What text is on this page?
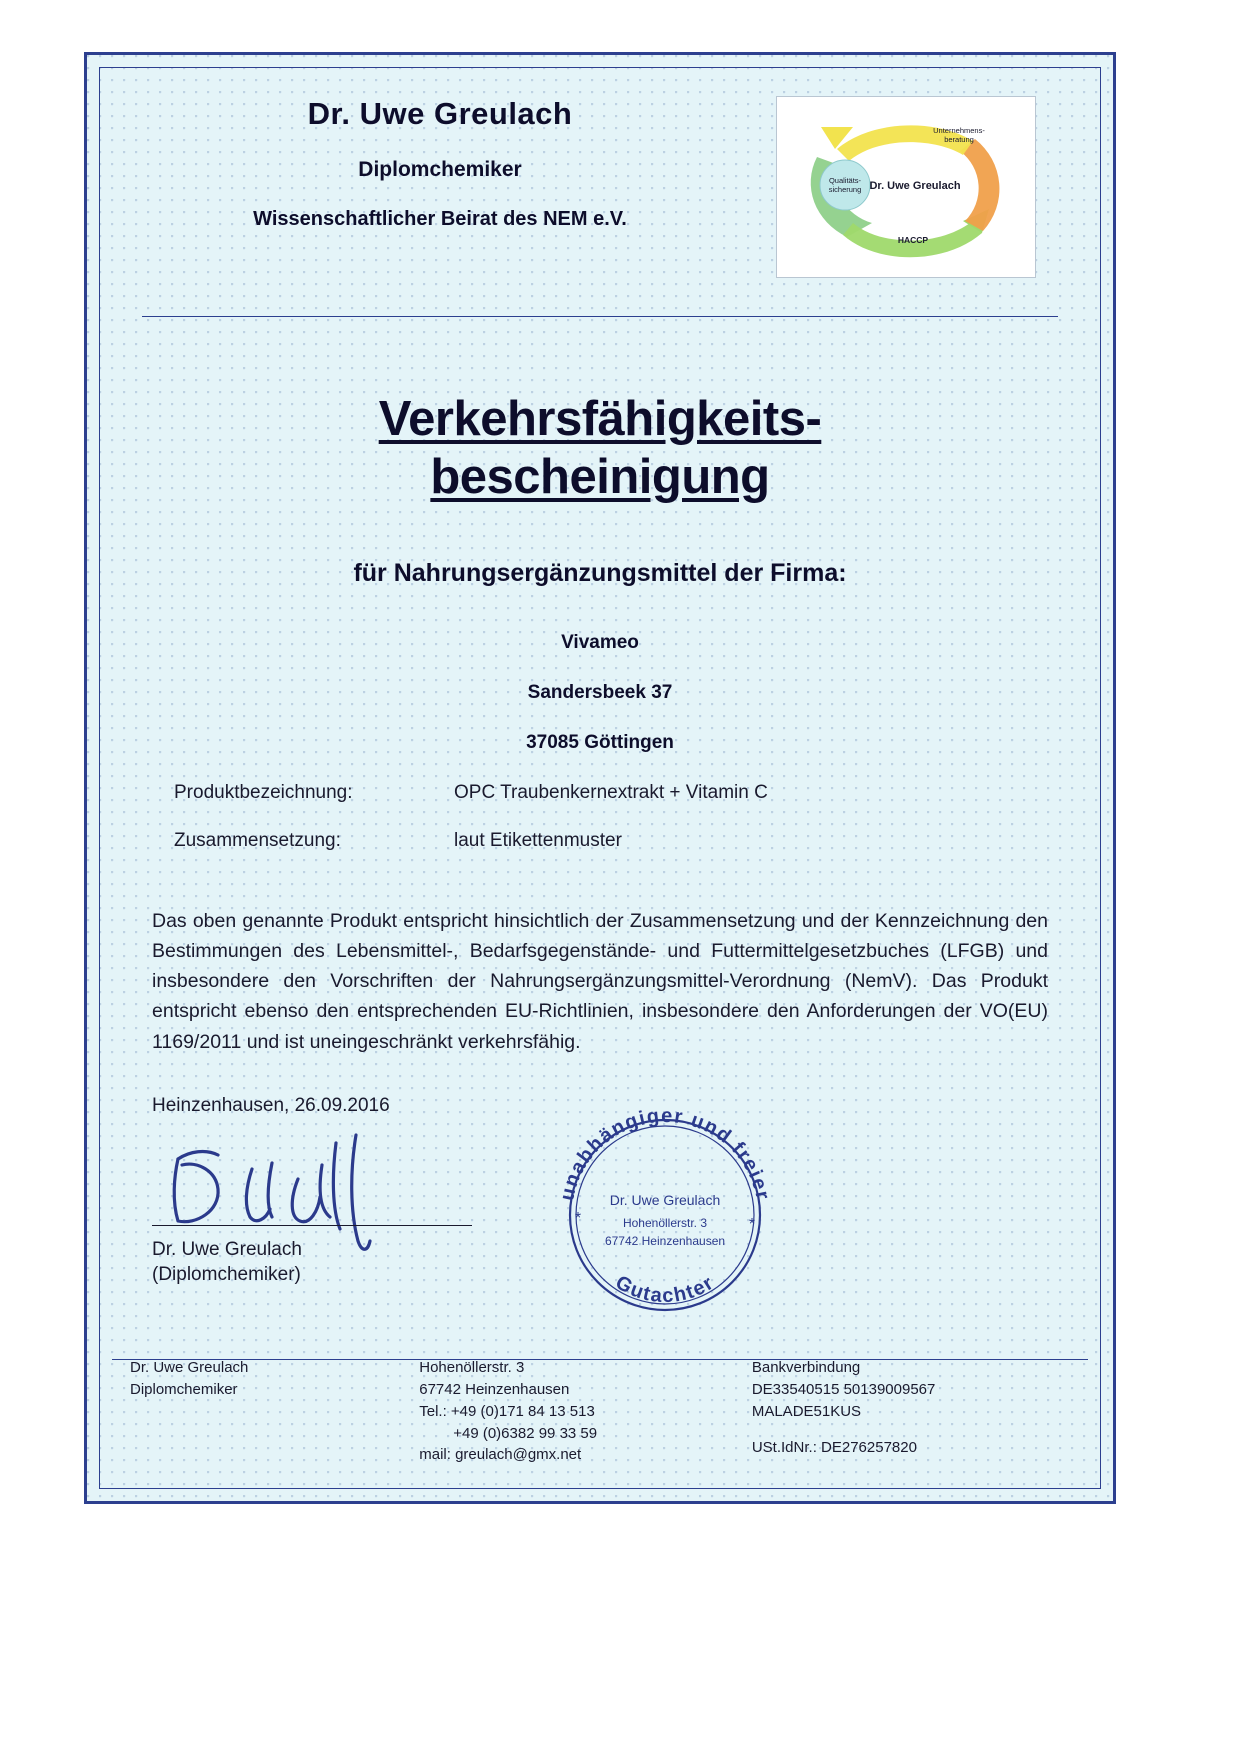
Dr. Uwe Greulach
Diplomchemiker
Wissenschaftlicher Beirat des NEM e.V.
Dr. Uwe Greulach
Unternehmens-
beratung
Qualitäts-
sicherung
HACCP
Verkehrsfähigkeits-
bescheinigung
für Nahrungsergänzungsmittel der Firma:
Vivameo
Sandersbeek 37
37085 Göttingen
Produktbezeichnung:	OPC Traubenkernextrakt + Vitamin C
Zusammensetzung:	laut Etikettenmuster
Das oben genannte Produkt entspricht hinsichtlich der Zusammensetzung und der Kennzeichnung den Bestimmungen des Lebensmittel-, Bedarfsgegenstände- und Futtermittelgesetzbuches (LFGB) und insbesondere den Vorschriften der Nahrungsergänzungsmittel-Verordnung (NemV). Das Produkt entspricht ebenso den entsprechenden EU-Richtlinien, insbesondere den Anforderungen der VO(EU) 1169/2011 und ist uneingeschränkt verkehrsfähig.
Heinzenhausen, 26.09.2016
unabhängiger und freier
Gutachter
Dr. Uwe Greulach
Hohenöllerstr. 3
67742 Heinzenhausen
*	*
Dr. Uwe Greulach
(Diplomchemiker)
Dr. Uwe Greulach
Diplomchemiker
Hohenöllerstr. 3
67742 Heinzenhausen
Tel.: +49 (0)171 84 13 513
+49 (0)6382 99 33 59
mail: greulach@gmx.net
Bankverbindung
DE33540515 50139009567
MALADE51KUS
USt.IdNr.: DE276257820
